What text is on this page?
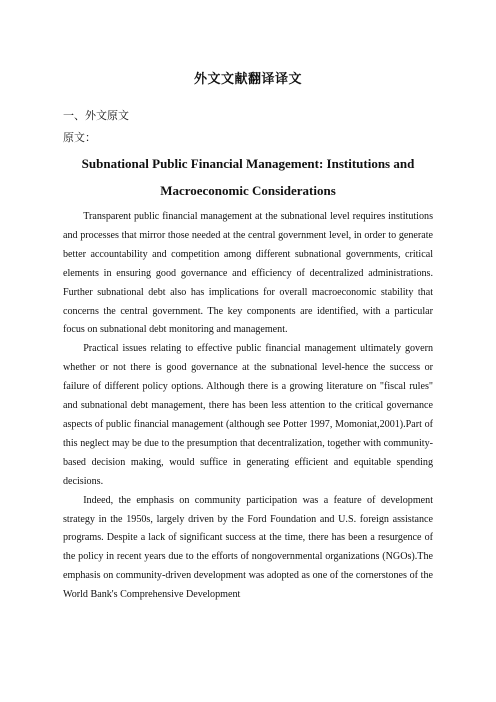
外文文献翻译译文
一、外文原文
原文：
Subnational Public Financial Management: Institutions and
Macroeconomic Considerations

Transparent public financial management at the subnational level requires institutions and processes that mirror those needed at the central government level, in order to generate better accountability and competition among different subnational governments, critical elements in ensuring good governance and efficiency of decentralized administrations. Further subnational debt also has implications for overall macroeconomic stability that concerns the central government. The key components are identified, with a particular focus on subnational debt monitoring and management.

Practical issues relating to effective public financial management ultimately govern whether or not there is good governance at the subnational level-hence the success or failure of different policy options. Although there is a growing literature on "fiscal rules" and subnational debt management, there has been less attention to the critical governance aspects of public financial management (although see Potter 1997, Momoniat,2001).Part of this neglect may be due to the presumption that decentralization, together with community-based decision making, would suffice in generating efficient and equitable spending decisions.

Indeed, the emphasis on community participation was a feature of development strategy in the 1950s, largely driven by the Ford Foundation and U.S. foreign assistance programs. Despite a lack of significant success at the time, there has been a resurgence of the policy in recent years due to the efforts of nongovernmental organizations (NGOs).The emphasis on community-driven development was adopted as one of the cornerstones of the World Bank's Comprehensive Development
